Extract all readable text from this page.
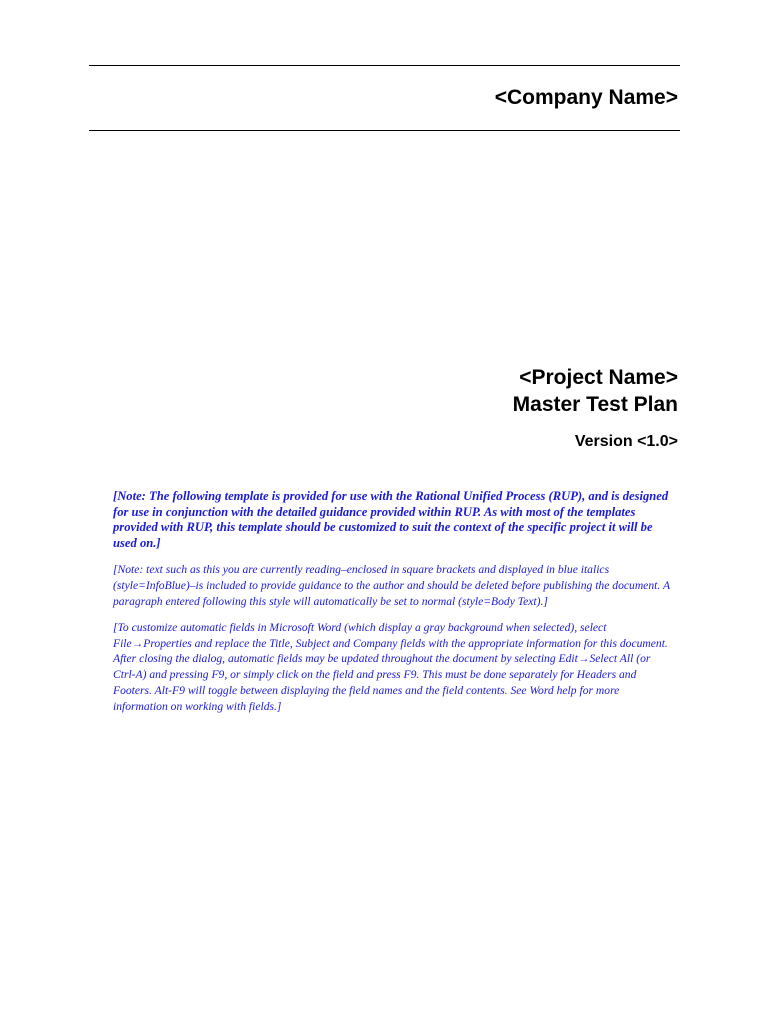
<Company Name>
<Project Name>
Master Test Plan
Version <1.0>

[Note: The following template is provided for use with the Rational Unified Process (RUP), and is designed for use in conjunction with the detailed guidance provided within RUP. As with most of the templates provided with RUP, this template should be customized to suit the context of the specific project it will be used on.]

[Note: text such as this you are currently reading‒enclosed in square brackets and displayed in blue italics (style=InfoBlue)‒is included to provide guidance to the author and should be deleted before publishing the document. A paragraph entered following this style will automatically be set to normal (style=Body Text).]

[To customize automatic fields in Microsoft Word (which display a gray background when selected), select File→Properties and replace the Title, Subject and Company fields with the appropriate information for this document. After closing the dialog, automatic fields may be updated throughout the document by selecting Edit→Select All (or Ctrl-A) and pressing F9, or simply click on the field and press F9. This must be done separately for Headers and Footers. Alt-F9 will toggle between displaying the field names and the field contents. See Word help for more information on working with fields.]
